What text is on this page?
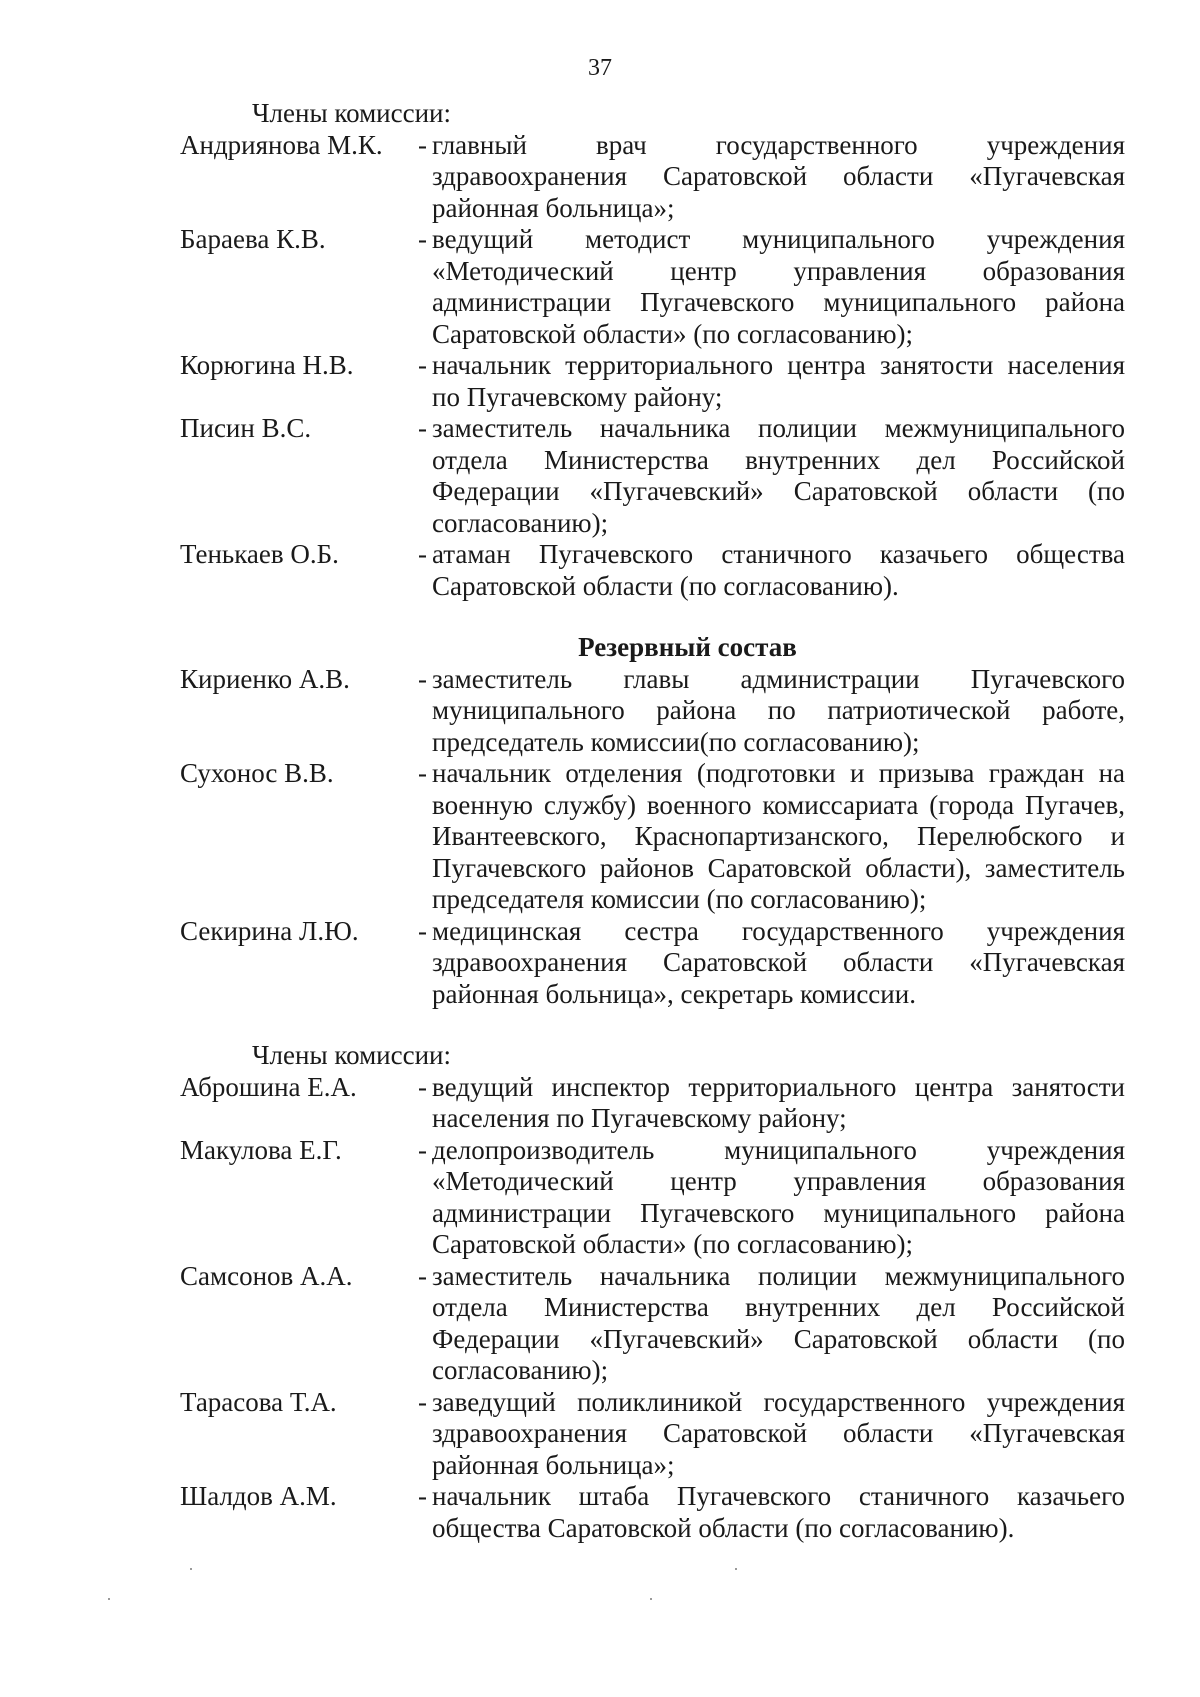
37
Члены комиссии:
Андриянова М.К.	- главный врач государственного учреждения здравоохранения Саратовской области «Пугачевская районная больница»;
Бараева К.В.	- ведущий методист муниципального учреждения «Методический центр управления образования администрации Пугачевского муниципального района Саратовской области» (по согласованию);
Корюгина Н.В.	- начальник территориального центра занятости населения по Пугачевскому району;
Писин В.С.	- заместитель начальника полиции межмуниципального отдела Министерства внутренних дел Российской Федерации «Пугачевский» Саратовской области (по согласованию);
Тенькаев О.Б.	- атаман Пугачевского станичного казачьего общества Саратовской области (по согласованию).
Резервный состав
Кириенко А.В.	- заместитель главы администрации Пугачевского муниципального района по патриотической работе, председатель комиссии(по согласованию);
Сухонос В.В.	- начальник отделения (подготовки и призыва граждан на военную службу) военного комиссариата (города Пугачев, Ивантеевского, Краснопартизанского, Перелюбского и Пугачевского районов Саратовской области), заместитель председателя комиссии (по согласованию);
Секирина Л.Ю.	- медицинская сестра государственного учреждения здравоохранения Саратовской области «Пугачевская районная больница», секретарь комиссии.
Члены комиссии:
Аброшина Е.А.	- ведущий инспектор территориального центра занятости населения по Пугачевскому району;
Макулова Е.Г.	- делопроизводитель муниципального учреждения «Методический центр управления образования администрации Пугачевского муниципального района Саратовской области» (по согласованию);
Самсонов А.А.	- заместитель начальника полиции межмуниципального отдела Министерства внутренних дел Российской Федерации «Пугачевский» Саратовской области (по согласованию);
Тарасова Т.А.	- заведущий поликлиникой государственного учреждения здравоохранения Саратовской области «Пугачевская районная больница»;
Шалдов А.М.	- начальник штаба Пугачевского станичного казачьего общества Саратовской области (по согласованию).
